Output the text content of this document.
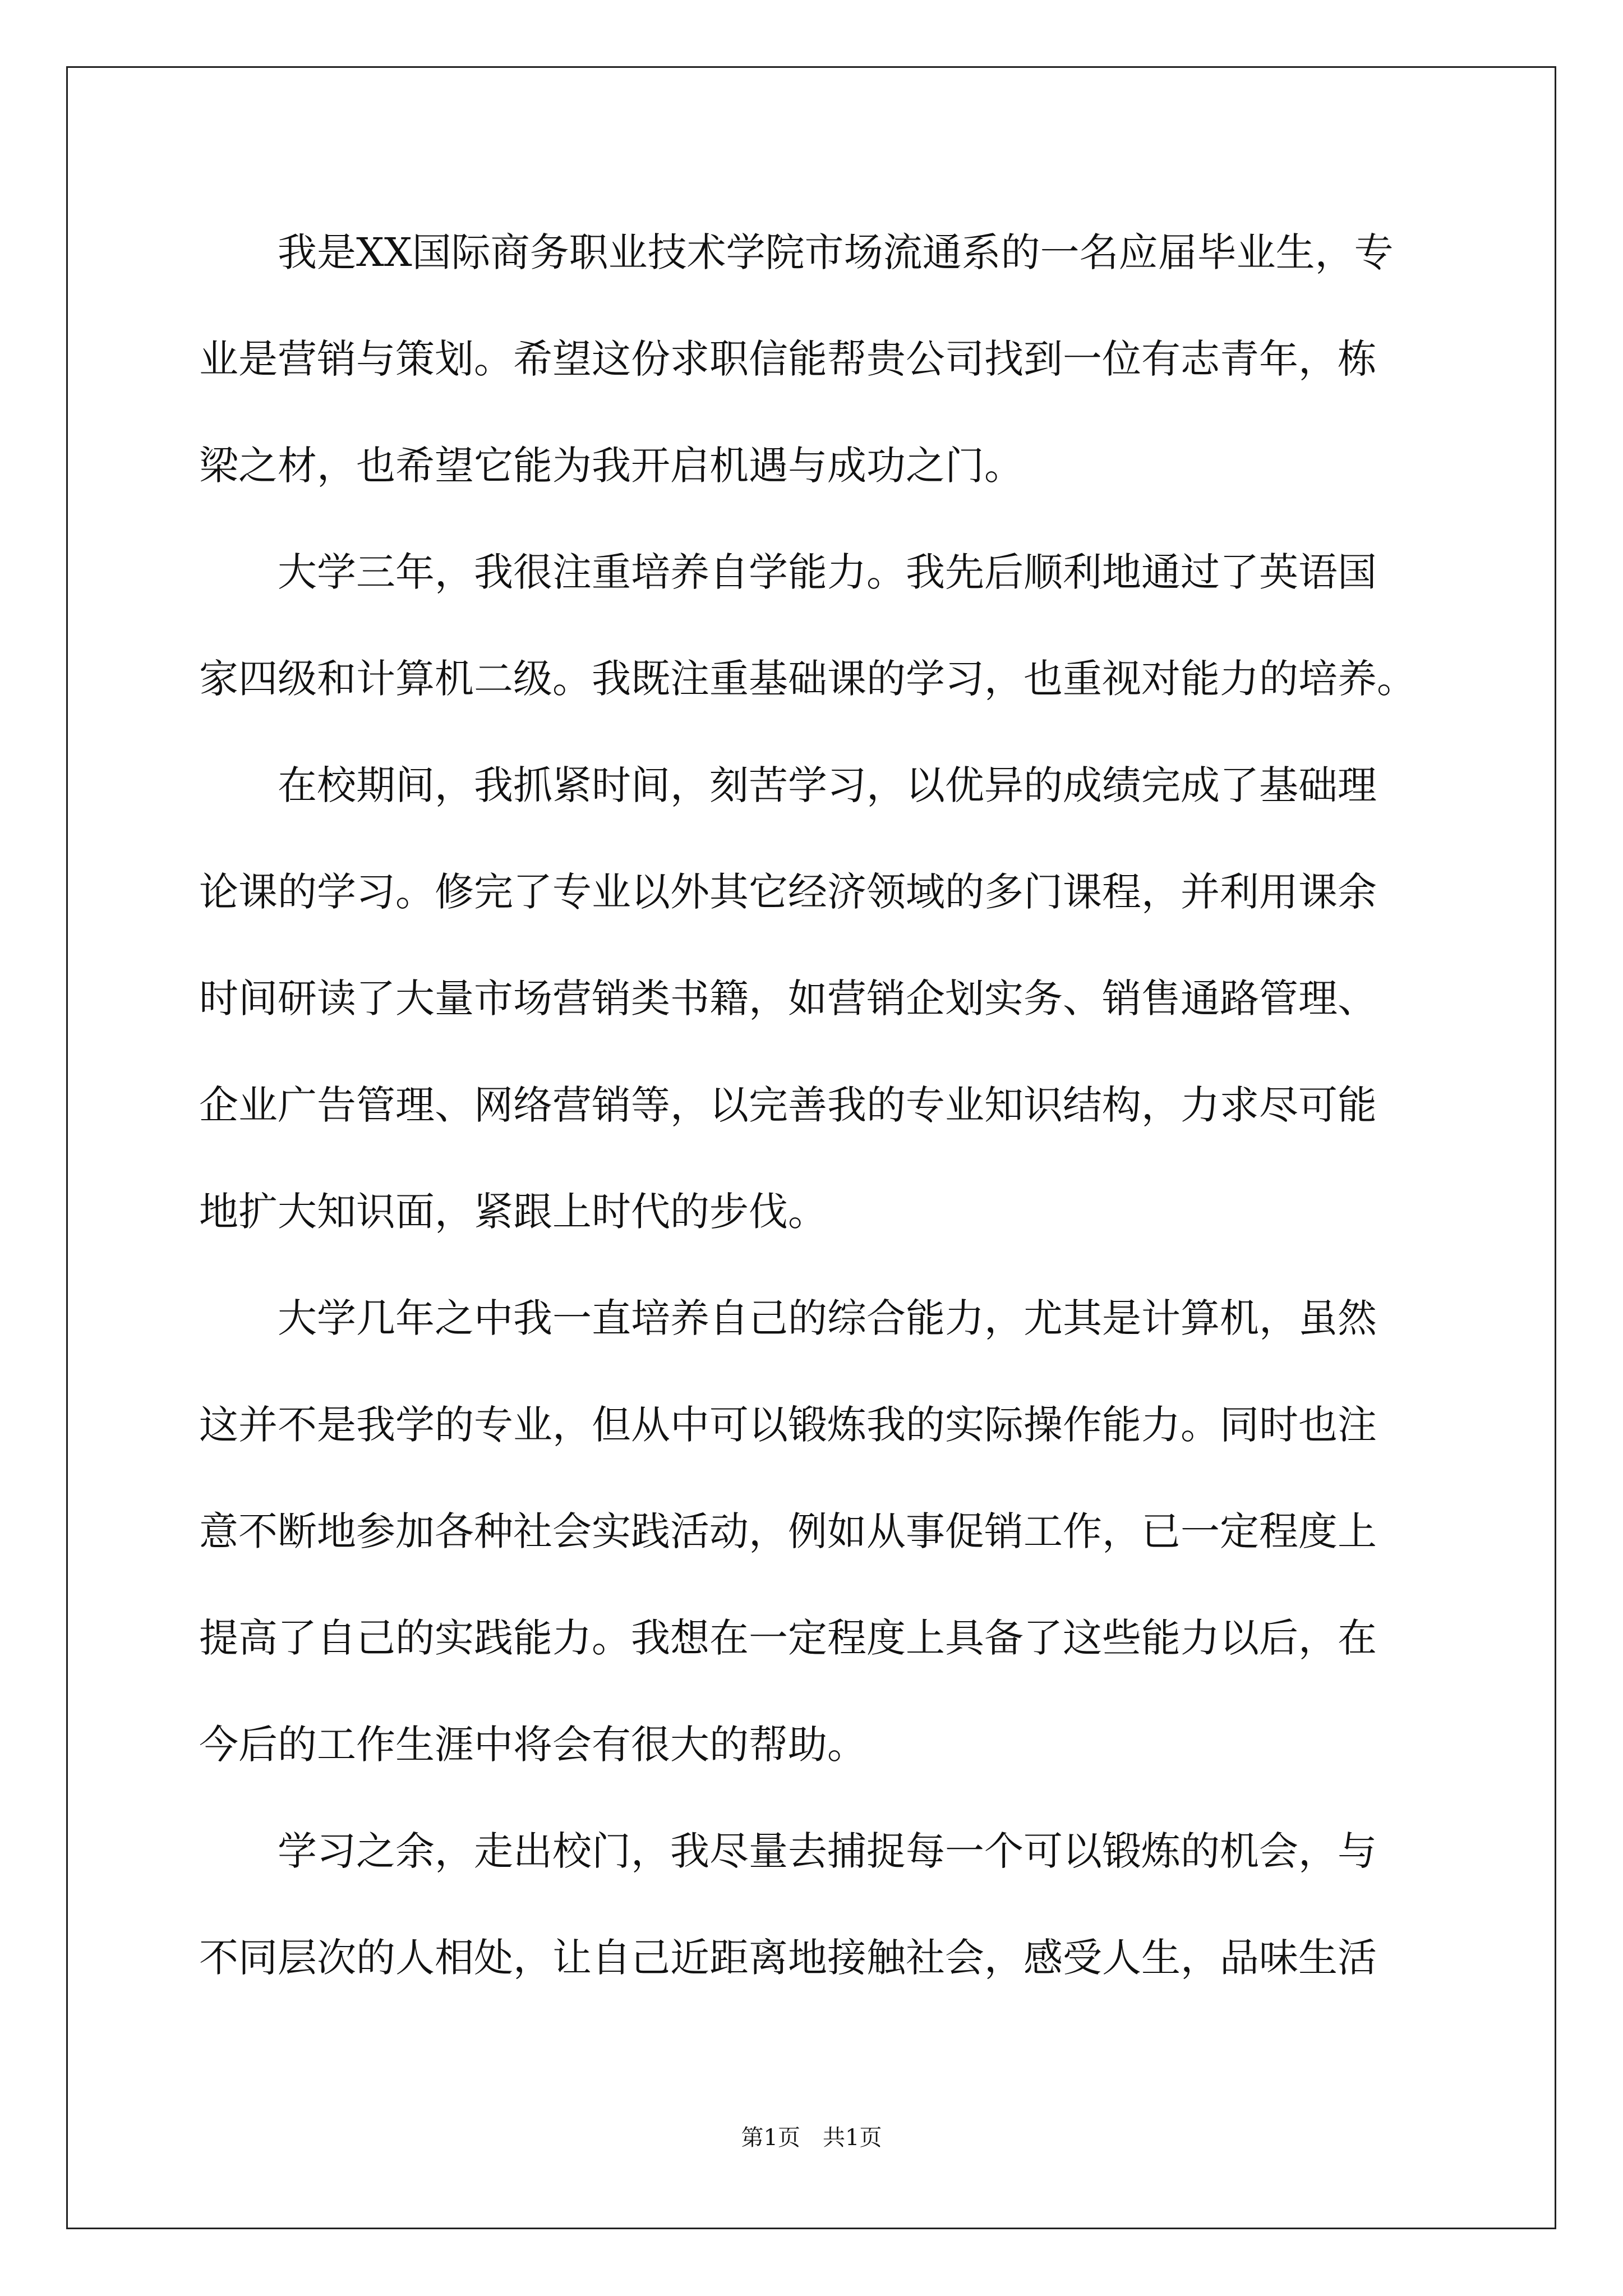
　　我是XX国际商务职业技术学院市场流通系的一名应届毕业生，专
业是营销与策划。希望这份求职信能帮贵公司找到一位有志青年，栋
梁之材，也希望它能为我开启机遇与成功之门。
　　大学三年，我很注重培养自学能力。我先后顺利地通过了英语国
家四级和计算机二级。我既注重基础课的学习，也重视对能力的培养。
　　在校期间，我抓紧时间，刻苦学习，以优异的成绩完成了基础理
论课的学习。修完了专业以外其它经济领域的多门课程，并利用课余
时间研读了大量市场营销类书籍，如营销企划实务、销售通路管理、
企业广告管理、网络营销等，以完善我的专业知识结构，力求尽可能
地扩大知识面，紧跟上时代的步伐。
　　大学几年之中我一直培养自己的综合能力，尤其是计算机，虽然
这并不是我学的专业，但从中可以锻炼我的实际操作能力。同时也注
意不断地参加各种社会实践活动，例如从事促销工作，已一定程度上
提高了自己的实践能力。我想在一定程度上具备了这些能力以后，在
今后的工作生涯中将会有很大的帮助。
　　学习之余，走出校门，我尽量去捕捉每一个可以锻炼的机会，与
不同层次的人相处，让自己近距离地接触社会，感受人生，品味生活
第1页　共1页
